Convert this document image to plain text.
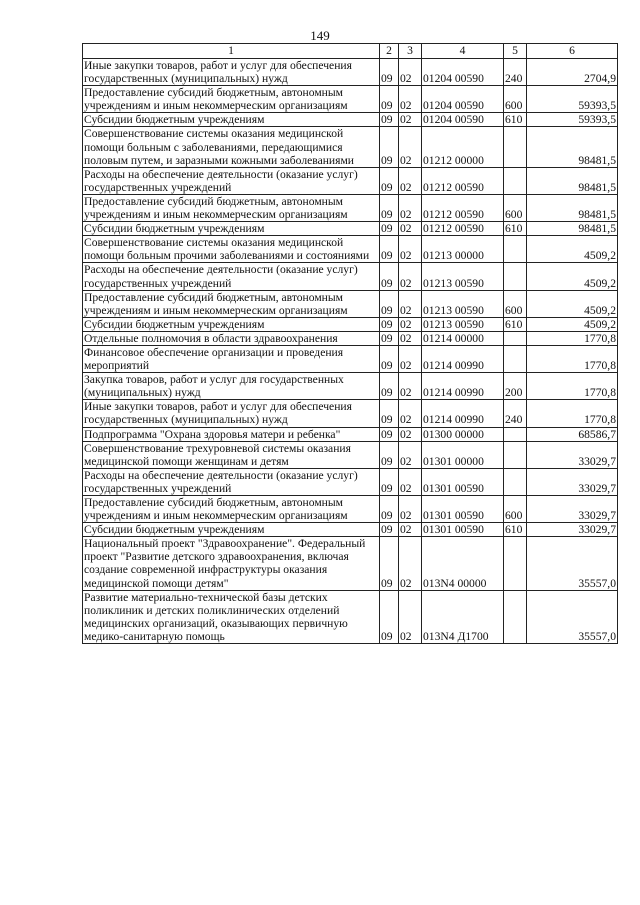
149
1	2	3	4	5	6
Иные закупки товаров, работ и услуг для обеспечения государственных (муниципальных) нужд	09	02	01204 00590	240	2704,9
Предоставление субсидий бюджетным, автономным учреждениям и иным некоммерческим организациям	09	02	01204 00590	600	59393,5
Субсидии бюджетным учреждениям	09	02	01204 00590	610	59393,5
Совершенствование системы оказания медицинской помощи больным с заболеваниями, передающимися половым путем, и заразными кожными заболеваниями	09	02	01212 00000		98481,5
Расходы на обеспечение деятельности (оказание услуг) государственных учреждений	09	02	01212 00590		98481,5
Предоставление субсидий бюджетным, автономным учреждениям и иным некоммерческим организациям	09	02	01212 00590	600	98481,5
Субсидии бюджетным учреждениям	09	02	01212 00590	610	98481,5
Совершенствование системы оказания медицинской помощи больным прочими заболеваниями и состояниями	09	02	01213 00000		4509,2
Расходы на обеспечение деятельности (оказание услуг) государственных учреждений	09	02	01213 00590		4509,2
Предоставление субсидий бюджетным, автономным учреждениям и иным некоммерческим организациям	09	02	01213 00590	600	4509,2
Субсидии бюджетным учреждениям	09	02	01213 00590	610	4509,2
Отдельные полномочия в области здравоохранения	09	02	01214 00000		1770,8
Финансовое обеспечение организации и проведения мероприятий	09	02	01214 00990		1770,8
Закупка товаров, работ и услуг для государственных (муниципальных) нужд	09	02	01214 00990	200	1770,8
Иные закупки товаров, работ и услуг для обеспечения государственных (муниципальных) нужд	09	02	01214 00990	240	1770,8
Подпрограмма "Охрана здоровья матери и ребенка"	09	02	01300 00000		68586,7
Совершенствование трехуровневой системы оказания медицинской помощи женщинам и детям	09	02	01301 00000		33029,7
Расходы на обеспечение деятельности (оказание услуг) государственных учреждений	09	02	01301 00590		33029,7
Предоставление субсидий бюджетным, автономным учреждениям и иным некоммерческим организациям	09	02	01301 00590	600	33029,7
Субсидии бюджетным учреждениям	09	02	01301 00590	610	33029,7
Национальный проект "Здравоохранение". Федеральный проект "Развитие детского здравоохранения, включая создание современной инфраструктуры оказания медицинской помощи детям"	09	02	013N4 00000		35557,0
Развитие материально-технической базы детских поликлиник и детских поликлинических отделений медицинских организаций, оказывающих первичную медико-санитарную помощь	09	02	013N4 Д1700		35557,0
